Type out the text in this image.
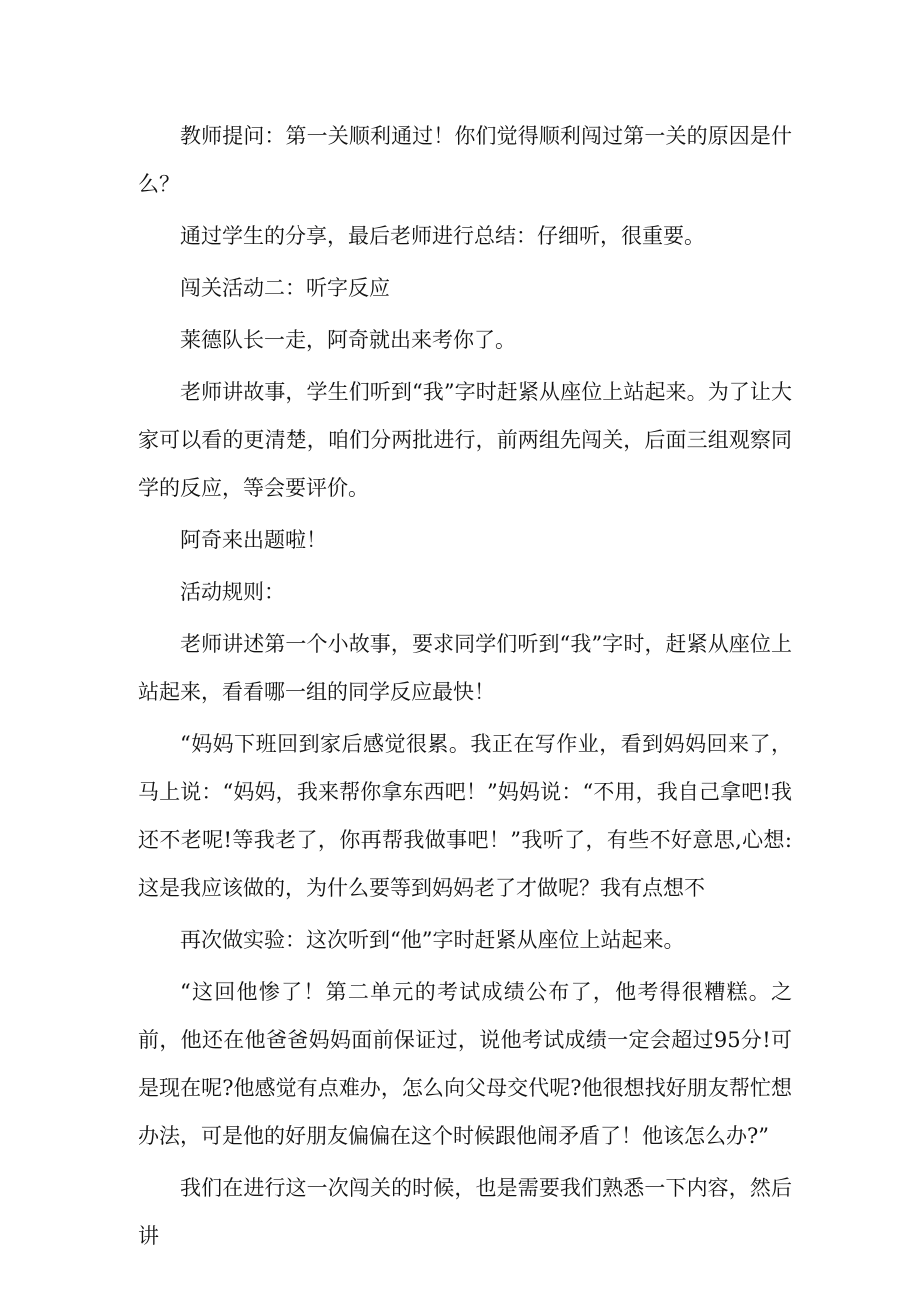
教师提问：第一关顺利通过！你们觉得顺利闯过第一关的原因是什么？

通过学生的分享，最后老师进行总结：仔细听，很重要。

闯关活动二：听字反应

莱德队长一走，阿奇就出来考你了。

老师讲故事，学生们听到“我”字时赶紧从座位上站起来。为了让大家可以看的更清楚，咱们分两批进行，前两组先闯关，后面三组观察同学的反应，等会要评价。

阿奇来出题啦！

活动规则：

老师讲述第一个小故事，要求同学们听到“我”字时，赶紧从座位上站起来，看看哪一组的同学反应最快！

“妈妈下班回到家后感觉很累。我正在写作业，看到妈妈回来了，马上说：“妈妈，我来帮你拿东西吧！”妈妈说：“不用，我自己拿吧!我还不老呢!等我老了，你再帮我做事吧！”我听了，有些不好意思,心想:这是我应该做的，为什么要等到妈妈老了才做呢？我有点想不

再次做实验：这次听到“他”字时赶紧从座位上站起来。

“这回他惨了！第二单元的考试成绩公布了，他考得很糟糕。之前，他还在他爸爸妈妈面前保证过，说他考试成绩一定会超过95分!可是现在呢?他感觉有点难办，怎么向父母交代呢?他很想找好朋友帮忙想办法，可是他的好朋友偏偏在这个时候跟他闹矛盾了！他该怎么办?”

我们在进行这一次闯关的时候，也是需要我们熟悉一下内容，然后讲
